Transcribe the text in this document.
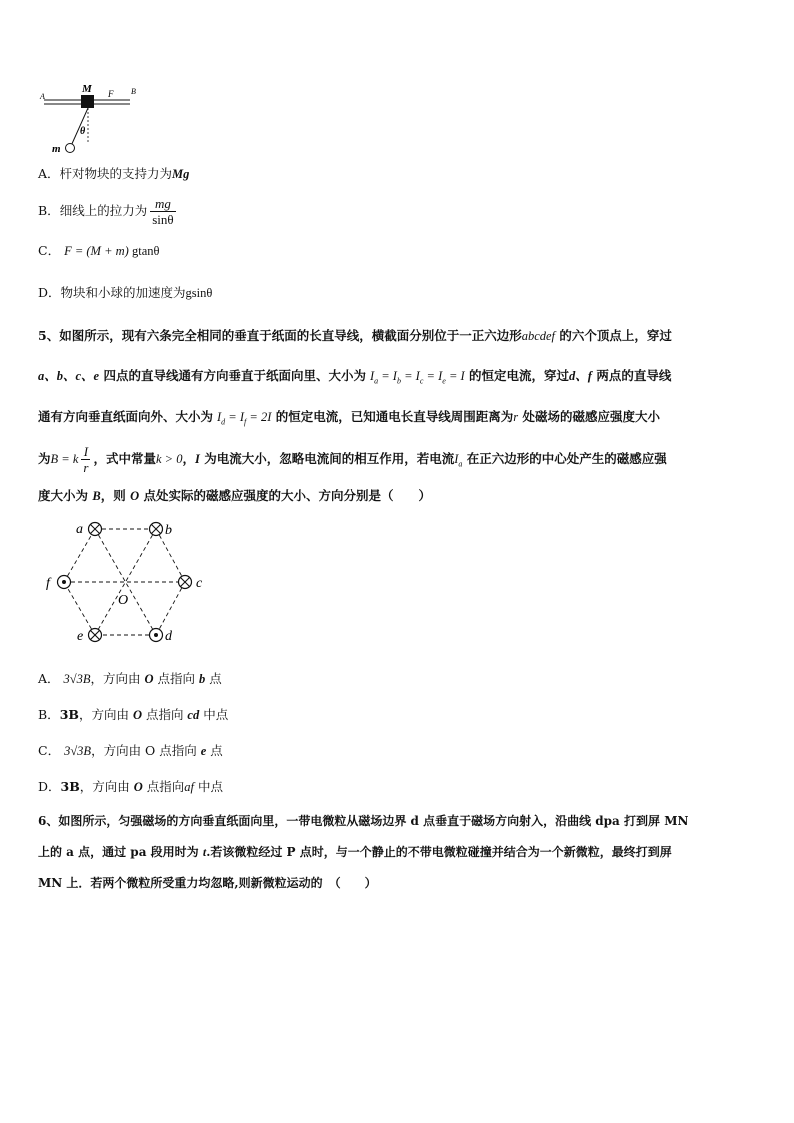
A
B
M F
θ
m
A．杆对物块的支持力为Mg
B．细线上的拉力为 $\frac{mg}{\sin\theta}$
C． F = (M + m) gtanθ
D．物块和小球的加速度为gsinθ
5、如图所示，现有六条完全相同的垂直于纸面的长直导线，横截面分别位于一正六边形abcdef 的六个顶点上，穿过
a、b、c、e 四点的直导线通有方向垂直于纸面向里、大小为 $I_a = I_b = I_c = I_e = I$ 的恒定电流，穿过d、f 两点的直导线
通有方向垂直纸面向外、大小为 $I_d = I_f = 2I$ 的恒定电流，已知通电长直导线周围距离为r 处磁场的磁感应强度大小
为B = k $\frac{I}{r}$ ，式中常量k > 0，I 为电流大小，忽略电流间的相互作用，若电流$I_a$ 在正六边形的中心处产生的磁感应强
度大小为 B，则 O 点处实际的磁感应强度的大小、方向分别是（　　）
a	b
c
d
e
f
O
A． 3√3B，方向由 O 点指向 b 点
B．3B，方向由 O 点指向 cd 中点
C． 3√3B，方向由 O 点指向 e 点
D．3B，方向由 O 点指向af 中点
6、如图所示，匀强磁场的方向垂直纸面向里，一带电微粒从磁场边界 d 点垂直于磁场方向射入，沿曲线 dpa 打到屏 MN
上的 a 点，通过 pa 段用时为 t.若该微粒经过 P 点时，与一个静止的不带电微粒碰撞并结合为一个新微粒，最终打到屏
MN 上．若两个微粒所受重力均忽略,则新微粒运动的　（　　）
